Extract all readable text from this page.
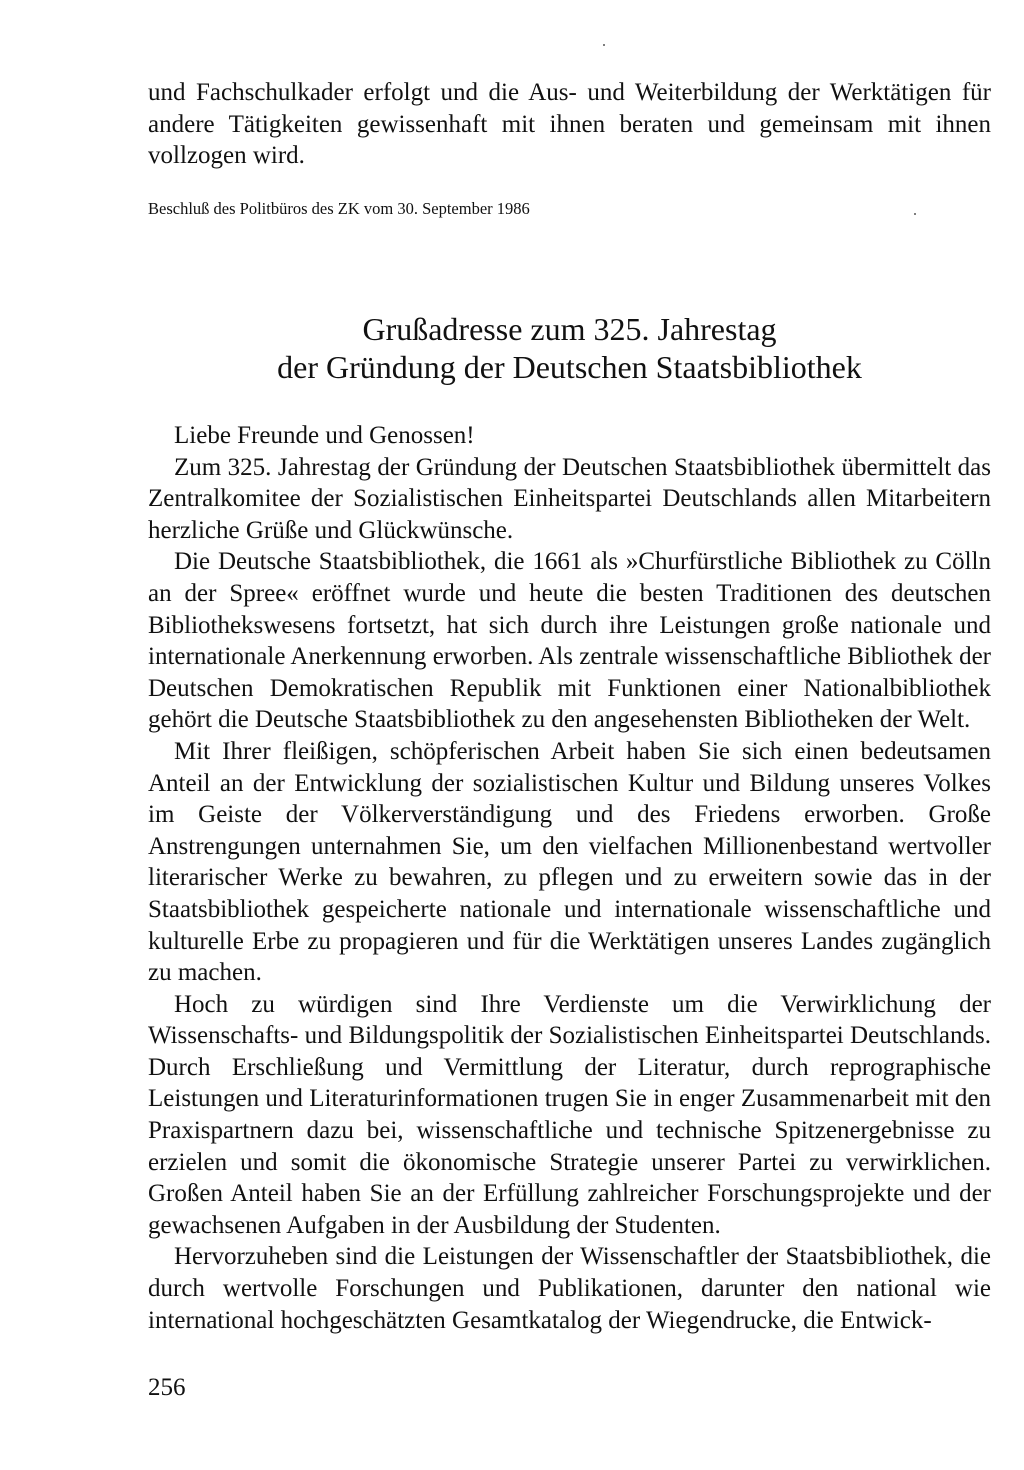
und Fachschulkader erfolgt und die Aus- und Weiterbildung der Werktätigen für andere Tätigkeiten gewissenhaft mit ihnen beraten und gemeinsam mit ihnen vollzogen wird.

Beschluß des Politbüros des ZK vom 30. September 1986
Grußadresse zum 325. Jahrestag
der Gründung der Deutschen Staatsbibliothek

Liebe Freunde und Genossen!

Zum 325. Jahrestag der Gründung der Deutschen Staatsbibliothek übermittelt das Zentralkomitee der Sozialistischen Einheitspartei Deutschlands allen Mitarbeitern herzliche Grüße und Glückwünsche.

Die Deutsche Staatsbibliothek, die 1661 als »Churfürstliche Bibliothek zu Cölln an der Spree« eröffnet wurde und heute die besten Traditionen des deutschen Bibliothekswesens fortsetzt, hat sich durch ihre Leistungen große nationale und internationale Anerkennung erworben. Als zentrale wissenschaftliche Bibliothek der Deutschen Demokratischen Republik mit Funktionen einer Nationalbibliothek gehört die Deutsche Staatsbibliothek zu den angesehensten Bibliotheken der Welt.

Mit Ihrer fleißigen, schöpferischen Arbeit haben Sie sich einen bedeutsamen Anteil an der Entwicklung der sozialistischen Kultur und Bildung unseres Volkes im Geiste der Völkerverständigung und des Friedens erworben. Große Anstrengungen unternahmen Sie, um den vielfachen Millionenbestand wertvoller literarischer Werke zu bewahren, zu pflegen und zu erweitern sowie das in der Staatsbibliothek gespeicherte nationale und internationale wissenschaftliche und kulturelle Erbe zu propagieren und für die Werktätigen unseres Landes zugänglich zu machen.

Hoch zu würdigen sind Ihre Verdienste um die Verwirklichung der Wissenschafts- und Bildungspolitik der Sozialistischen Einheitspartei Deutschlands. Durch Erschließung und Vermittlung der Literatur, durch reprographische Leistungen und Literaturinformationen trugen Sie in enger Zusammenarbeit mit den Praxispartnern dazu bei, wissenschaftliche und technische Spitzenergebnisse zu erzielen und somit die ökonomische Strategie unserer Partei zu verwirklichen. Großen Anteil haben Sie an der Erfüllung zahlreicher Forschungsprojekte und der gewachsenen Aufgaben in der Ausbildung der Studenten.

Hervorzuheben sind die Leistungen der Wissenschaftler der Staatsbibliothek, die durch wertvolle Forschungen und Publikationen, darunter den national wie international hochgeschätzten Gesamtkatalog der Wiegendrucke, die Entwick-

256
